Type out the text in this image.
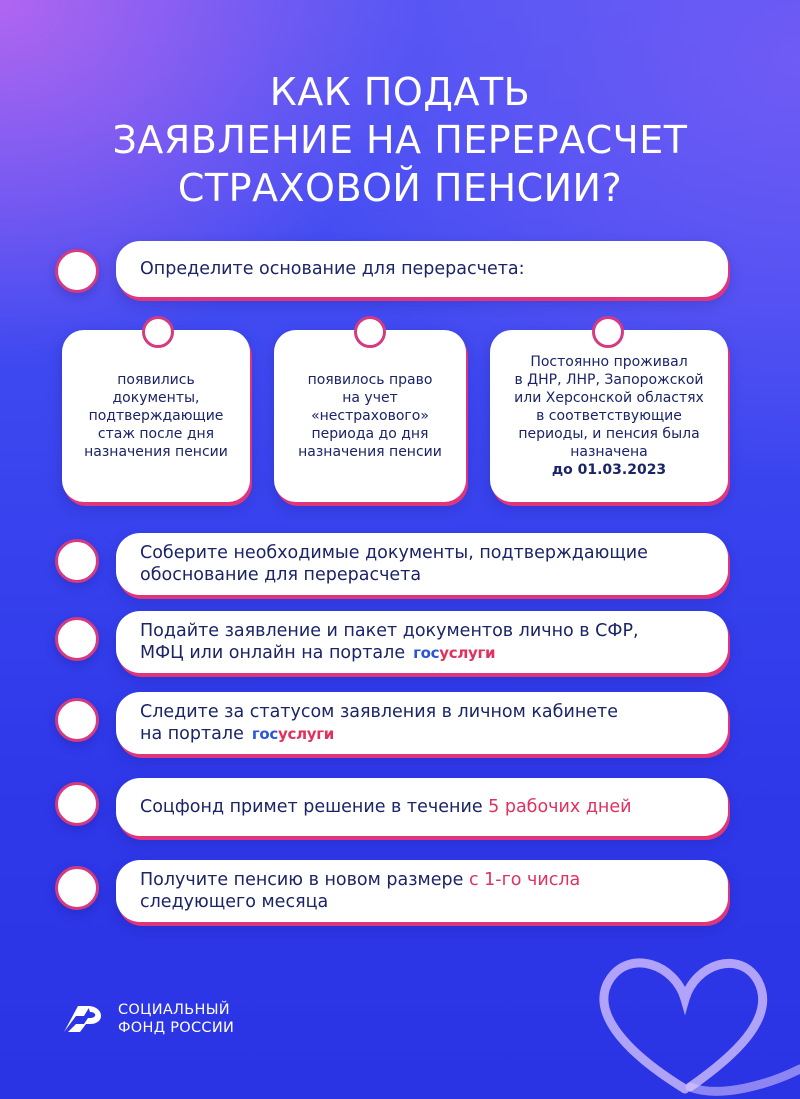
КАК ПОДАТЬ
ЗАЯВЛЕНИЕ НА ПЕРЕРАСЧЕТ
СТРАХОВОЙ ПЕНСИИ?
Определите основание для перерасчета:
появились
документы,
подтверждающие
стаж после дня
назначения пенсии
появилось право
на учет
«нестрахового»
периода до дня
назначения пенсии
Постоянно проживал
в ДНР, ЛНР, Запорожской
или Херсонской областях
в соответствующие
периоды, и пенсия была
назначена
до 01.03.2023
Соберите необходимые документы, подтверждающие
обоснование для перерасчета
Подайте заявление и пакет документов лично в СФР,
МФЦ или онлайн на портале госуслуги
Следите за статусом заявления в личном кабинете
на портале госуслуги
Соцфонд примет решение в течение 5 рабочих дней
Получите пенсию в новом размере с 1-го числа
следующего месяца
СОЦИАЛЬНЫЙ
ФОНД РОССИИ
